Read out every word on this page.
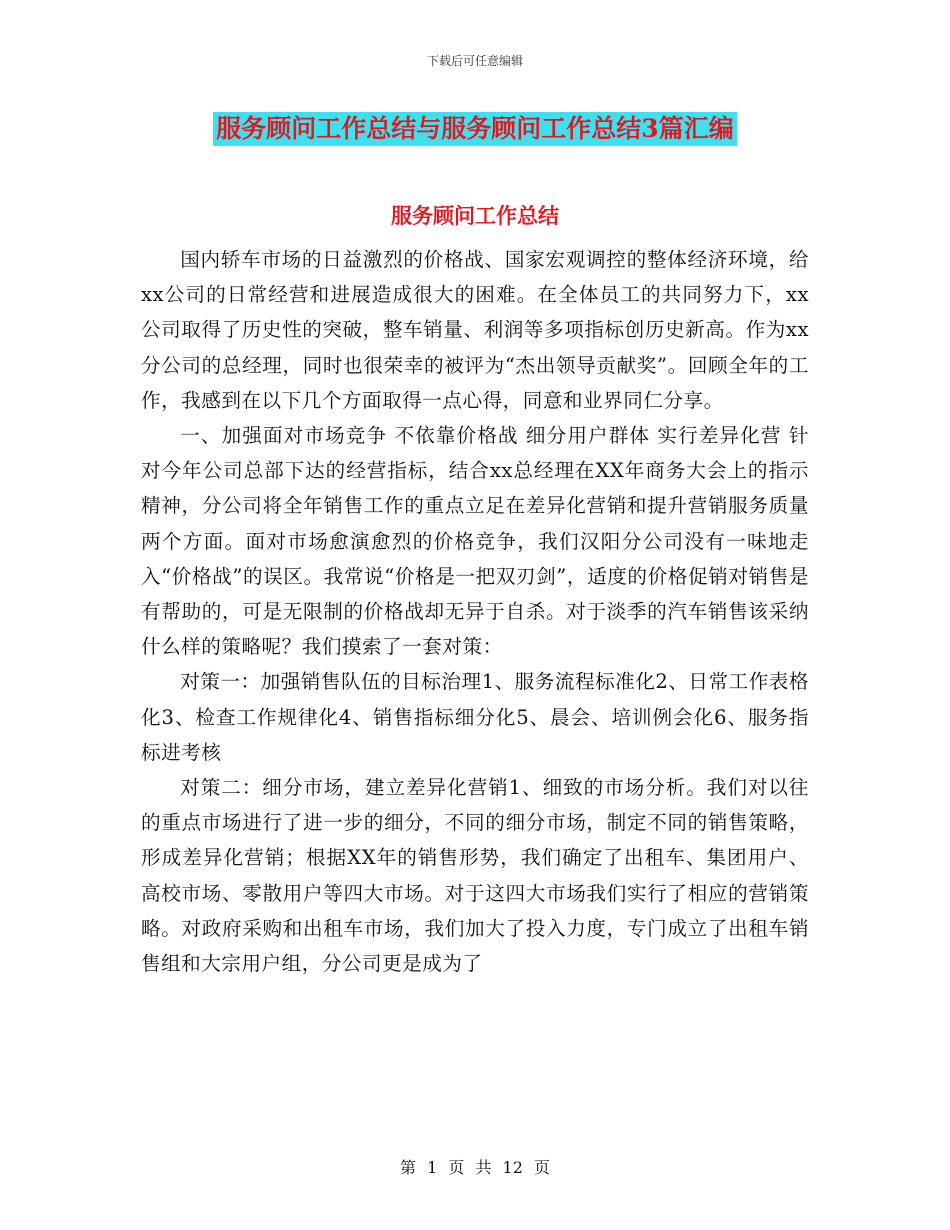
下载后可任意编辑
服务顾问工作总结与服务顾问工作总结3篇汇编
服务顾问工作总结

国内轿车市场的日益激烈的价格战、国家宏观调控的整体经济环境，给xx公司的日常经营和进展造成很大的困难。在全体员工的共同努力下，xx公司取得了历史性的突破，整车销量、利润等多项指标创历史新高。作为xx分公司的总经理，同时也很荣幸的被评为“杰出领导贡献奖”。回顾全年的工作，我感到在以下几个方面取得一点心得，同意和业界同仁分享。

一、加强面对市场竞争 不依靠价格战 细分用户群体 实行差异化营 针对今年公司总部下达的经营指标，结合xx总经理在XX年商务大会上的指示精神，分公司将全年销售工作的重点立足在差异化营销和提升营销服务质量两个方面。面对市场愈演愈烈的价格竞争，我们汉阳分公司没有一味地走入“价格战”的误区。我常说“价格是一把双刃剑”，适度的价格促销对销售是有帮助的，可是无限制的价格战却无异于自杀。对于淡季的汽车销售该采纳什么样的策略呢？我们摸索了一套对策：

对策一：加强销售队伍的目标治理1、服务流程标准化2、日常工作表格化3、检查工作规律化4、销售指标细分化5、晨会、培训例会化6、服务指标进考核

对策二：细分市场，建立差异化营销1、细致的市场分析。我们对以往的重点市场进行了进一步的细分，不同的细分市场，制定不同的销售策略，形成差异化营销；根据XX年的销售形势，我们确定了出租车、集团用户、高校市场、零散用户等四大市场。对于这四大市场我们实行了相应的营销策略。对政府采购和出租车市场，我们加大了投入力度，专门成立了出租车销售组和大宗用户组，分公司更是成为了

第 1 页 共 12 页
